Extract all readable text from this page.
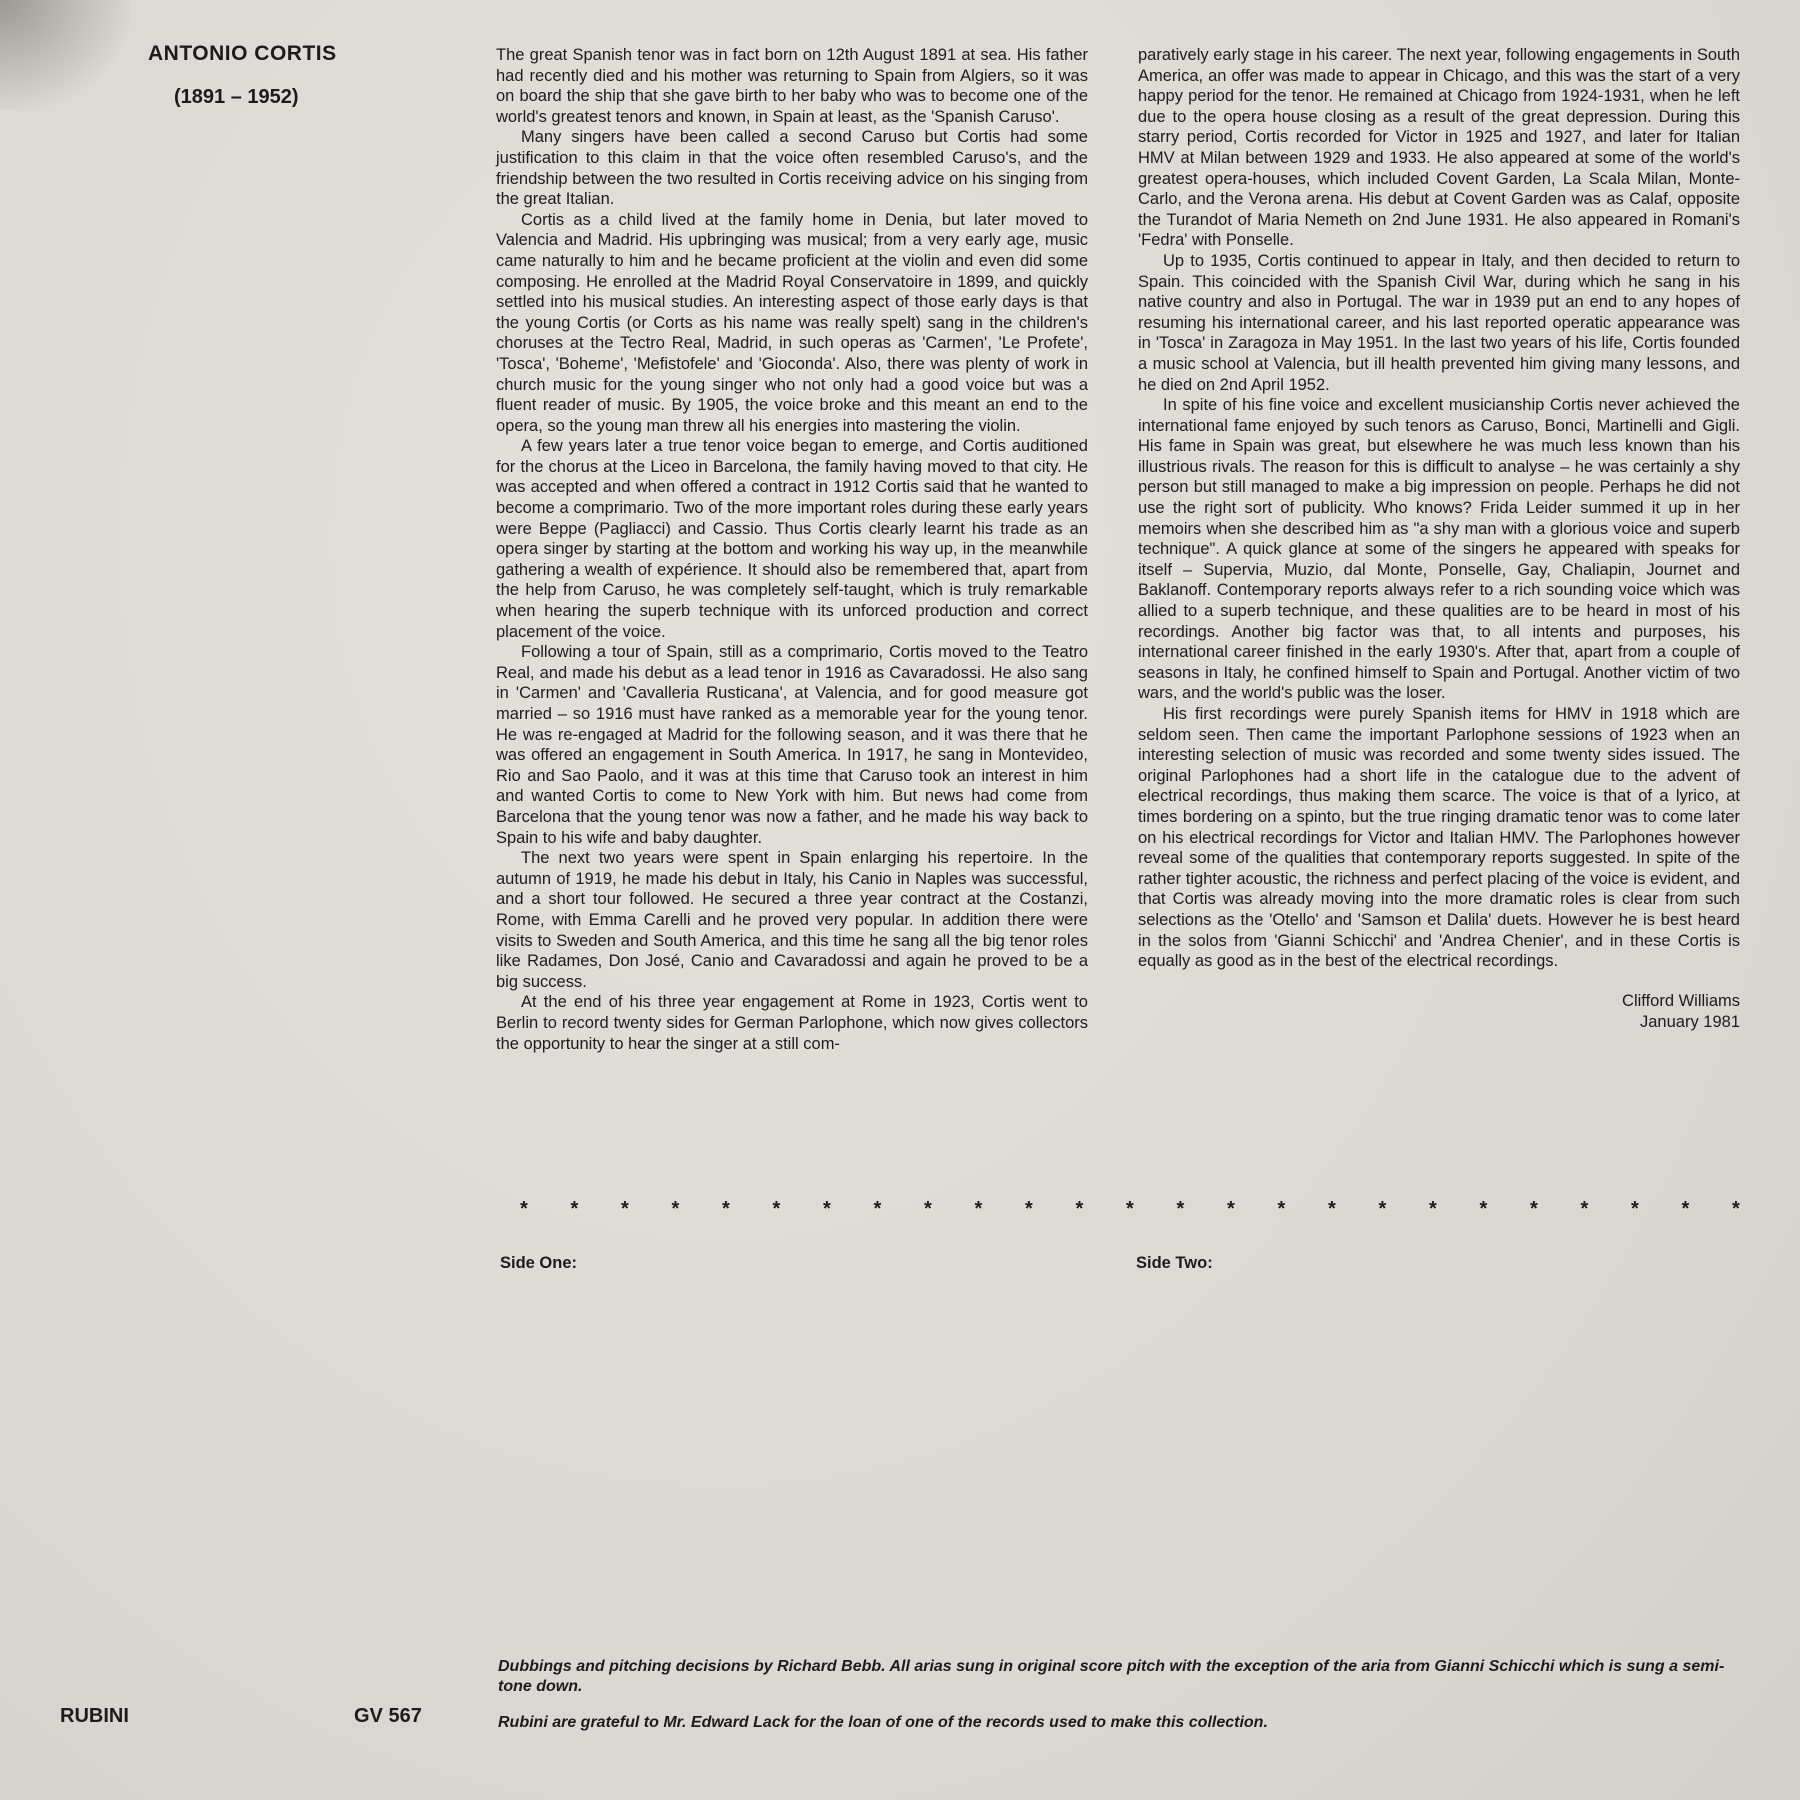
ANTONIO CORTIS
(1891 – 1952)

The great Spanish tenor was in fact born on 12th August 1891 at sea. His father had recently died and his mother was returning to Spain from Algiers, so it was on board the ship that she gave birth to her baby who was to become one of the world's greatest tenors and known, in Spain at least, as the 'Spanish Caruso'.

Many singers have been called a second Caruso but Cortis had some justification to this claim in that the voice often resembled Caruso's, and the friendship between the two resulted in Cortis receiving advice on his singing from the great Italian.

Cortis as a child lived at the family home in Denia, but later moved to Valencia and Madrid. His upbringing was musical; from a very early age, music came naturally to him and he became proficient at the violin and even did some composing. He enrolled at the Madrid Royal Conservatoire in 1899, and quickly settled into his musical studies. An interesting aspect of those early days is that the young Cortis (or Corts as his name was really spelt) sang in the children's choruses at the Tectro Real, Madrid, in such operas as 'Carmen', 'Le Profete', 'Tosca', 'Boheme', 'Mefistofele' and 'Gioconda'. Also, there was plenty of work in church music for the young singer who not only had a good voice but was a fluent reader of music. By 1905, the voice broke and this meant an end to the opera, so the young man threw all his energies into mastering the violin.

A few years later a true tenor voice began to emerge, and Cortis auditioned for the chorus at the Liceo in Barcelona, the family having moved to that city. He was accepted and when offered a contract in 1912 Cortis said that he wanted to become a comprimario. Two of the more important roles during these early years were Beppe (Pagliacci) and Cassio. Thus Cortis clearly learnt his trade as an opera singer by starting at the bottom and working his way up, in the meanwhile gathering a wealth of expérience. It should also be remembered that, apart from the help from Caruso, he was completely self-taught, which is truly remarkable when hearing the superb technique with its unforced production and correct placement of the voice.

Following a tour of Spain, still as a comprimario, Cortis moved to the Teatro Real, and made his debut as a lead tenor in 1916 as Cavaradossi. He also sang in 'Carmen' and 'Cavalleria Rusticana', at Valencia, and for good measure got married – so 1916 must have ranked as a memorable year for the young tenor. He was re-engaged at Madrid for the following season, and it was there that he was offered an engagement in South America. In 1917, he sang in Montevideo, Rio and Sao Paolo, and it was at this time that Caruso took an interest in him and wanted Cortis to come to New York with him. But news had come from Barcelona that the young tenor was now a father, and he made his way back to Spain to his wife and baby daughter.

The next two years were spent in Spain enlarging his repertoire. In the autumn of 1919, he made his debut in Italy, his Canio in Naples was successful, and a short tour followed. He secured a three year contract at the Costanzi, Rome, with Emma Carelli and he proved very popular. In addition there were visits to Sweden and South America, and this time he sang all the big tenor roles like Radames, Don José, Canio and Cavaradossi and again he proved to be a big success.

At the end of his three year engagement at Rome in 1923, Cortis went to Berlin to record twenty sides for German Parlophone, which now gives collectors the opportunity to hear the singer at a still com-

paratively early stage in his career. The next year, following engagements in South America, an offer was made to appear in Chicago, and this was the start of a very happy period for the tenor. He remained at Chicago from 1924-1931, when he left due to the opera house closing as a result of the great depression. During this starry period, Cortis recorded for Victor in 1925 and 1927, and later for Italian HMV at Milan between 1929 and 1933. He also appeared at some of the world's greatest opera-houses, which included Covent Garden, La Scala Milan, Monte-Carlo, and the Verona arena. His debut at Covent Garden was as Calaf, opposite the Turandot of Maria Nemeth on 2nd June 1931. He also appeared in Romani's 'Fedra' with Ponselle.

Up to 1935, Cortis continued to appear in Italy, and then decided to return to Spain. This coincided with the Spanish Civil War, during which he sang in his native country and also in Portugal. The war in 1939 put an end to any hopes of resuming his international career, and his last reported operatic appearance was in 'Tosca' in Zaragoza in May 1951. In the last two years of his life, Cortis founded a music school at Valencia, but ill health prevented him giving many lessons, and he died on 2nd April 1952.

In spite of his fine voice and excellent musicianship Cortis never achieved the international fame enjoyed by such tenors as Caruso, Bonci, Martinelli and Gigli. His fame in Spain was great, but elsewhere he was much less known than his illustrious rivals. The reason for this is difficult to analyse – he was certainly a shy person but still managed to make a big impression on people. Perhaps he did not use the right sort of publicity. Who knows? Frida Leider summed it up in her memoirs when she described him as "a shy man with a glorious voice and superb technique". A quick glance at some of the singers he appeared with speaks for itself – Supervia, Muzio, dal Monte, Ponselle, Gay, Chaliapin, Journet and Baklanoff. Contemporary reports always refer to a rich sounding voice which was allied to a superb technique, and these qualities are to be heard in most of his recordings. Another big factor was that, to all intents and purposes, his international career finished in the early 1930's. After that, apart from a couple of seasons in Italy, he confined himself to Spain and Portugal. Another victim of two wars, and the world's public was the loser.

His first recordings were purely Spanish items for HMV in 1918 which are seldom seen. Then came the important Parlophone sessions of 1923 when an interesting selection of music was recorded and some twenty sides issued. The original Parlophones had a short life in the catalogue due to the advent of electrical recordings, thus making them scarce. The voice is that of a lyrico, at times bordering on a spinto, but the true ringing dramatic tenor was to come later on his electrical recordings for Victor and Italian HMV. The Parlophones however reveal some of the qualities that contemporary reports suggested. In spite of the rather tighter acoustic, the richness and perfect placing of the voice is evident, and that Cortis was already moving into the more dramatic roles is clear from such selections as the 'Otello' and 'Samson et Dalila' duets. However he is best heard in the solos from 'Gianni Schicchi' and 'Andrea Chenier', and in these Cortis is equally as good as in the best of the electrical recordings.

Clifford Williams
January 1981
* * * * * * * * * * * * * * * * * * * * * * * * *
Side One:	Side Two:
Dubbings and pitching decisions by Richard Bebb. All arias sung in original score pitch with the exception of the aria from Gianni Schicchi which is sung a semi-tone down.
Rubini are grateful to Mr. Edward Lack for the loan of one of the records used to make this collection.
RUBINI	GV 567
